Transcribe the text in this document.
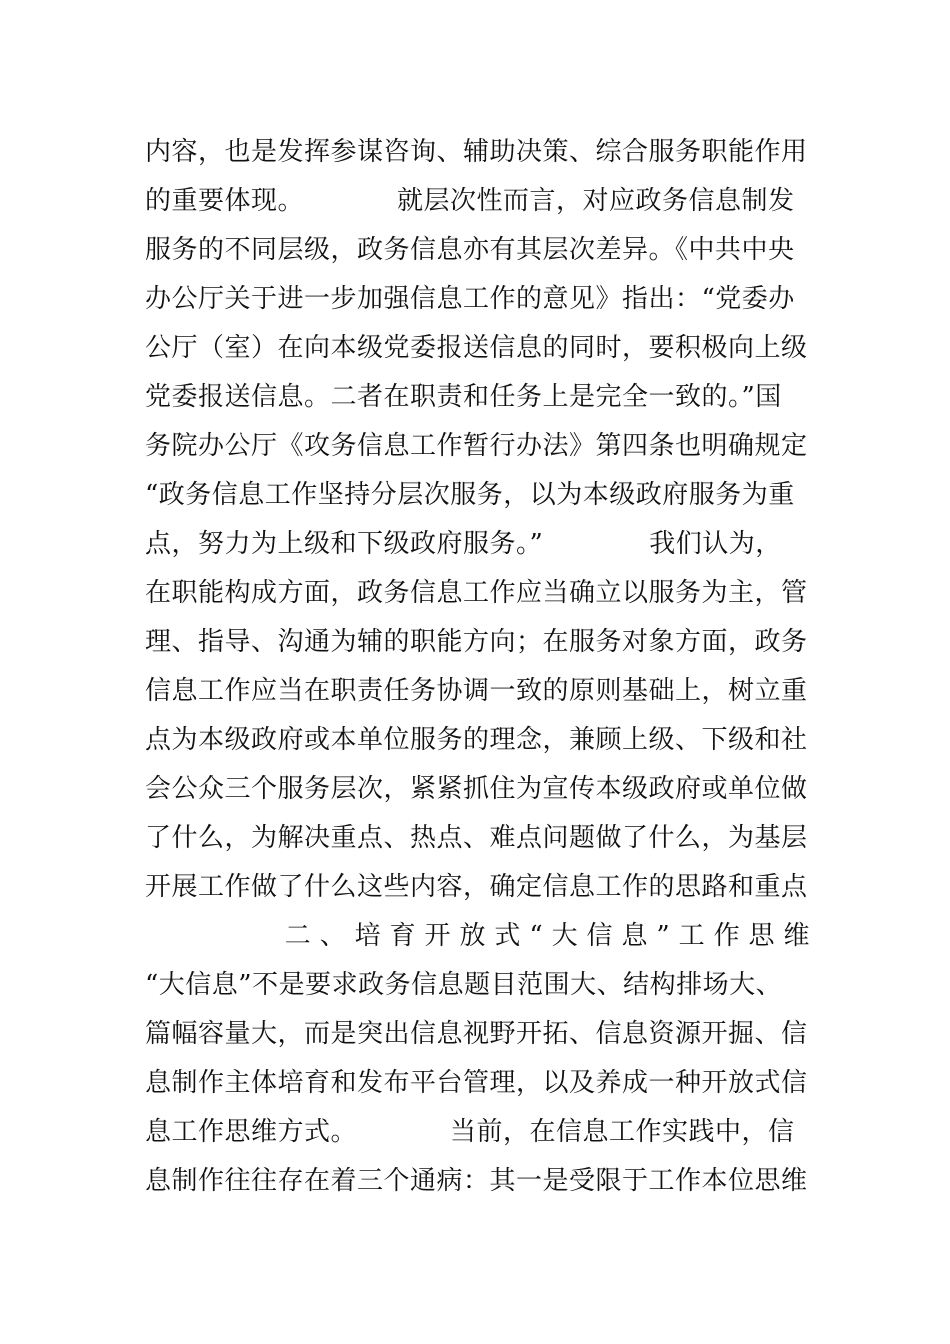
内容，也是发挥参谋咨询、辅助决策、综合服务职能作用
的重要体现。　　　　就层次性而言，对应政务信息制发
服务的不同层级，政务信息亦有其层次差异。《中共中央
办公厅关于进一步加强信息工作的意见》指出：“党委办
公厅（室）在向本级党委报送信息的同时，要积极向上级
党委报送信息。二者在职责和任务上是完全一致的。”国
务院办公厅《攻务信息工作暂行办法》第四条也明确规定
“政务信息工作坚持分层次服务，以为本级政府服务为重
点，努力为上级和下级政府服务。”　　　　我们认为，
在职能构成方面，政务信息工作应当确立以服务为主，管
理、指导、沟通为辅的职能方向；在服务对象方面，政务
信息工作应当在职责任务协调一致的原则基础上，树立重
点为本级政府或本单位服务的理念，兼顾上级、下级和社
会公众三个服务层次，紧紧抓住为宣传本级政府或单位做
了什么，为解决重点、热点、难点问题做了什么，为基层
开展工作做了什么这些内容，确定信息工作的思路和重点
　　　　二、培育开放式“大信息”工作思维
“大信息”不是要求政务信息题目范围大、结构排场大、
篇幅容量大，而是突出信息视野开拓、信息资源开掘、信
息制作主体培育和发布平台管理，以及养成一种开放式信
息工作思维方式。　　　　当前，在信息工作实践中，信
息制作往往存在着三个通病：其一是受限于工作本位思维
